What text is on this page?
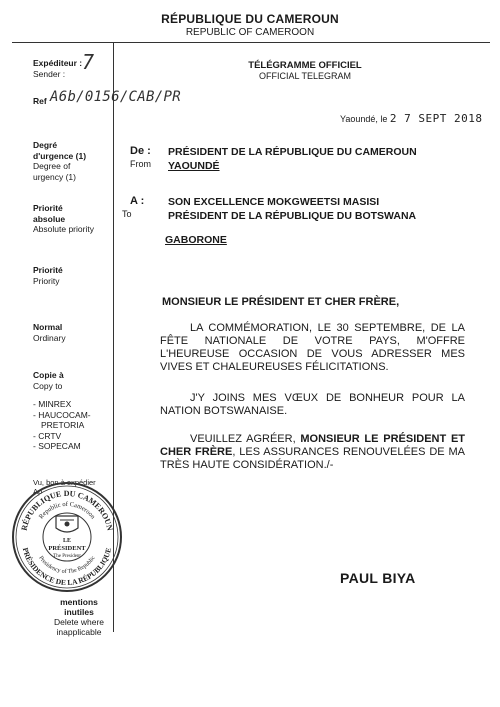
RÉPUBLIQUE DU CAMEROUN
REPUBLIC OF CAMEROON
Expéditeur :
Sender : 7
Ref A6b/0156/CAB/PR
Degré
d'urgence (1)
Degree of
urgency (1)
Priorité
absolue
Absolute priority
Priorité
Priority
Normal
Ordinary
Copie à
Copy to
- MINREX
- HAUCOCAM-
PRETORIA
- CRTV
- SOPECAM
Vu, bon à expédier
Ap
mentions
inutiles
Delete where
inapplicable
RÉPUBLIQUE DU CAMEROUN
Republic of Cameroon
PRÉSIDENCE DE LA RÉPUBLIQUE
Presidency of The Republic
LE
PRÉSIDENT
The President
TÉLÉGRAMME OFFICIEL
OFFICIAL TELEGRAM
Yaoundé, le 2 7 SEPT 2018
De :
From
PRÉSIDENT DE LA RÉPUBLIQUE DU CAMEROUN
YAOUNDÉ
A :
To
SON EXCELLENCE MOKGWEETSI MASISI
PRÉSIDENT DE LA RÉPUBLIQUE DU BOTSWANA
GABORONE
MONSIEUR LE PRÉSIDENT ET CHER FRÈRE,

LA COMMÉMORATION, LE 30 SEPTEMBRE, DE LA FÊTE NATIONALE DE VOTRE PAYS, M'OFFRE L'HEUREUSE OCCASION DE VOUS ADRESSER MES VIVES ET CHALEUREUSES FÉLICITATIONS.

J'Y JOINS MES VŒUX DE BONHEUR POUR LA NATION BOTSWANAISE.

VEUILLEZ AGRÉER, MONSIEUR LE PRÉSIDENT ET CHER FRÈRE, LES ASSURANCES RENOUVELÉES DE MA TRÈS HAUTE CONSIDÉRATION./-

PAUL BIYA
